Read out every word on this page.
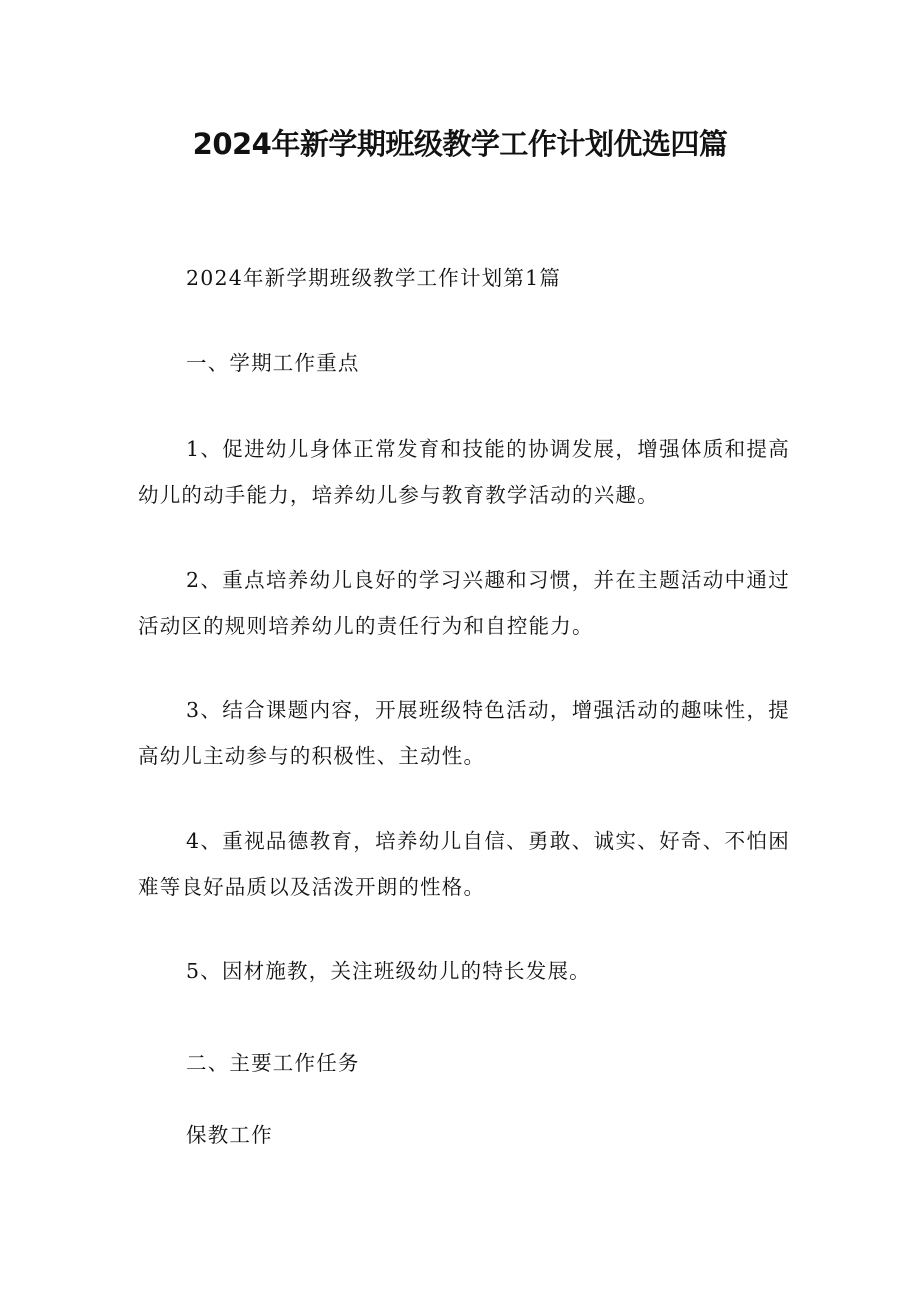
2024年新学期班级教学工作计划优选四篇

2024年新学期班级教学工作计划第1篇

一、学期工作重点

1、促进幼儿身体正常发育和技能的协调发展，增强体质和提高幼儿的动手能力，培养幼儿参与教育教学活动的兴趣。

2、重点培养幼儿良好的学习兴趣和习惯，并在主题活动中通过活动区的规则培养幼儿的责任行为和自控能力。

3、结合课题内容，开展班级特色活动，增强活动的趣味性，提高幼儿主动参与的积极性、主动性。

4、重视品德教育，培养幼儿自信、勇敢、诚实、好奇、不怕困难等良好品质以及活泼开朗的性格。

5、因材施教，关注班级幼儿的特长发展。

二、主要工作任务

保教工作
